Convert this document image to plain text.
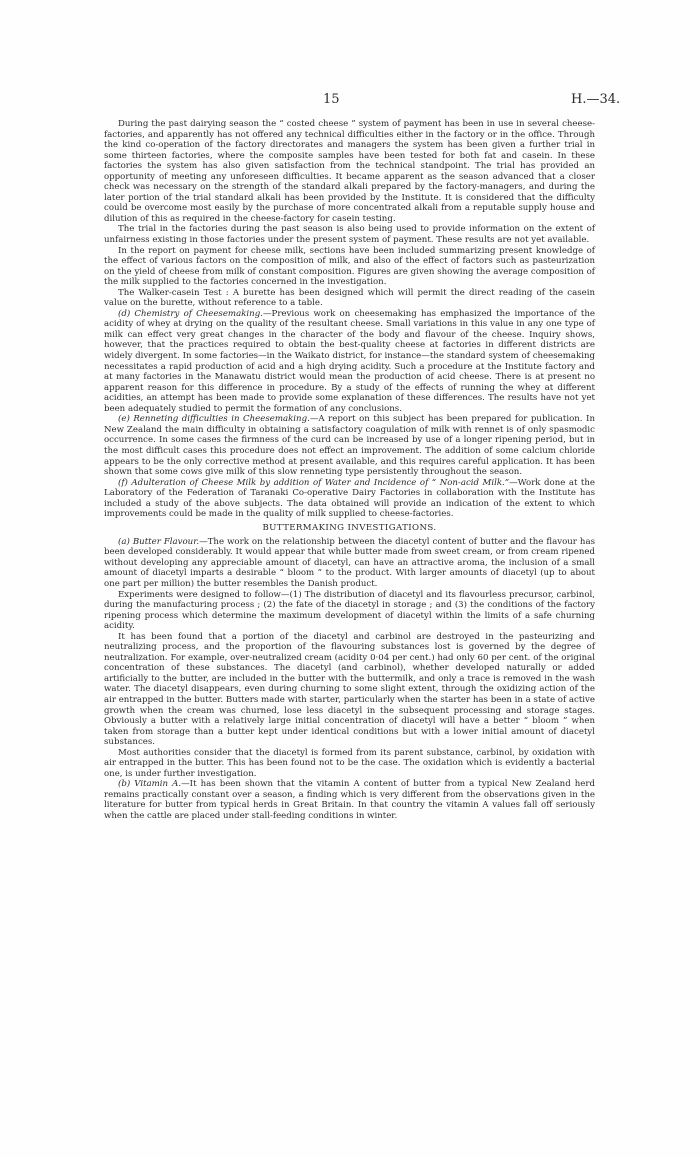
15	H.—34.

During the past dairying season the “ costed cheese ” system of payment has been in use in several cheese-factories, and apparently has not offered any technical difficulties either in the factory or in the office. Through the kind co-operation of the factory directorates and managers the system has been given a further trial in some thirteen factories, where the composite samples have been tested for both fat and casein. In these factories the system has also given satisfaction from the technical standpoint. The trial has provided an opportunity of meeting any unforeseen difficulties. It became apparent as the season advanced that a closer check was necessary on the strength of the standard alkali prepared by the factory-managers, and during the later portion of the trial standard alkali has been provided by the Institute. It is considered that the difficulty could be overcome most easily by the purchase of more concentrated alkali from a reputable supply house and dilution of this as required in the cheese-factory for casein testing.

The trial in the factories during the past season is also being used to provide information on the extent of unfairness existing in those factories under the present system of payment. These results are not yet available.

In the report on payment for cheese milk, sections have been included summarizing present knowledge of the effect of various factors on the composition of milk, and also of the effect of factors such as pasteurization on the yield of cheese from milk of constant composition. Figures are given showing the average composition of the milk supplied to the factories concerned in the investigation.

The Walker-casein Test : A burette has been designed which will permit the direct reading of the casein value on the burette, without reference to a table.

(d) Chemistry of Cheesemaking.—Previous work on cheesemaking has emphasized the importance of the acidity of whey at drying on the quality of the resultant cheese. Small variations in this value in any one type of milk can effect very great changes in the character of the body and flavour of the cheese. Inquiry shows, however, that the practices required to obtain the best-quality cheese at factories in different districts are widely divergent. In some factories—in the Waikato district, for instance—the standard system of cheesemaking necessitates a rapid production of acid and a high drying acidity. Such a procedure at the Institute factory and at many factories in the Manawatu district would mean the production of acid cheese. There is at present no apparent reason for this difference in procedure. By a study of the effects of running the whey at different acidities, an attempt has been made to provide some explanation of these differences. The results have not yet been adequately studied to permit the formation of any conclusions.

(e) Renneting difficulties in Cheesemaking.—A report on this subject has been prepared for publication. In New Zealand the main difficulty in obtaining a satisfactory coagulation of milk with rennet is of only spasmodic occurrence. In some cases the firmness of the curd can be increased by use of a longer ripening period, but in the most difficult cases this procedure does not effect an improvement. The addition of some calcium chloride appears to be the only corrective method at present available, and this requires careful application. It has been shown that some cows give milk of this slow renneting type persistently throughout the season.

(f) Adulteration of Cheese Milk by addition of Water and Incidence of “ Non-acid Milk.”—Work done at the Laboratory of the Federation of Taranaki Co-operative Dairy Factories in collaboration with the Institute has included a study of the above subjects. The data obtained will provide an indication of the extent to which improvements could be made in the quality of milk supplied to cheese-factories.

BUTTERMAKING INVESTIGATIONS.

(a) Butter Flavour.—The work on the relationship between the diacetyl content of butter and the flavour has been developed considerably. It would appear that while butter made from sweet cream, or from cream ripened without developing any appreciable amount of diacetyl, can have an attractive aroma, the inclusion of a small amount of diacetyl imparts a desirable “ bloom ” to the product. With larger amounts of diacetyl (up to about one part per million) the butter resembles the Danish product.

Experiments were designed to follow—(1) The distribution of diacetyl and its flavourless precursor, carbinol, during the manufacturing process ; (2) the fate of the diacetyl in storage ; and (3) the conditions of the factory ripening process which determine the maximum development of diacetyl within the limits of a safe churning acidity.

It has been found that a portion of the diacetyl and carbinol are destroyed in the pasteurizing and neutralizing process, and the proportion of the flavouring substances lost is governed by the degree of neutralization. For example, over-neutralized cream (acidity 0·04 per cent.) had only 60 per cent. of the original concentration of these substances. The diacetyl (and carbinol), whether developed naturally or added artificially to the butter, are included in the butter with the buttermilk, and only a trace is removed in the wash water. The diacetyl disappears, even during churning to some slight extent, through the oxidizing action of the air entrapped in the butter. Butters made with starter, particularly when the starter has been in a state of active growth when the cream was churned, lose less diacetyl in the subsequent processing and storage stages. Obviously a butter with a relatively large initial concentration of diacetyl will have a better “ bloom ” when taken from storage than a butter kept under identical conditions but with a lower initial amount of diacetyl substances.

Most authorities consider that the diacetyl is formed from its parent substance, carbinol, by oxidation with air entrapped in the butter. This has been found not to be the case. The oxidation which is evidently a bacterial one, is under further investigation.

(b) Vitamin A.—It has been shown that the vitamin A content of butter from a typical New Zealand herd remains practically constant over a season, a finding which is very different from the observations given in the literature for butter from typical herds in Great Britain. In that country the vitamin A values fall off seriously when the cattle are placed under stall-feeding conditions in winter.
